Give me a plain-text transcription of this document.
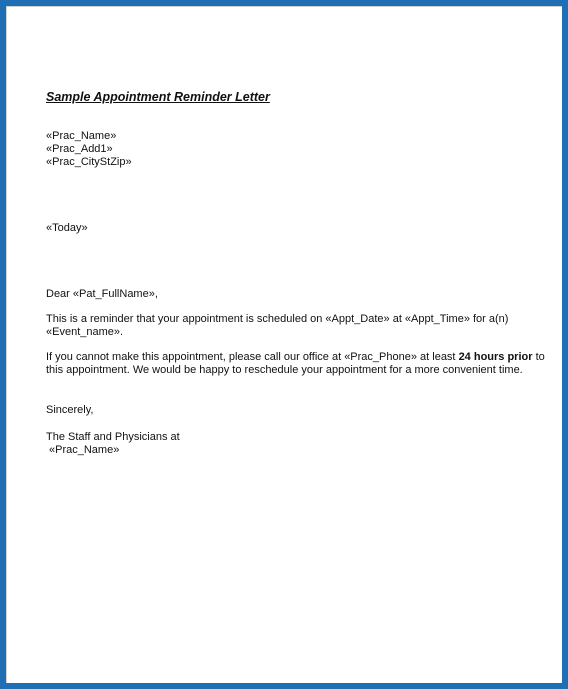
Sample Appointment Reminder Letter
«Prac_Name»
«Prac_Add1»
«Prac_CityStZip»
«Today»
Dear «Pat_FullName»,
This is a reminder that your appointment is scheduled on «Appt_Date» at «Appt_Time» for a(n)
«Event_name».
If you cannot make this appointment, please call our office at «Prac_Phone» at least 24 hours prior to
this appointment. We would be happy to reschedule your appointment for a more convenient time.
Sincerely,
The Staff and Physicians at
«Prac_Name»
